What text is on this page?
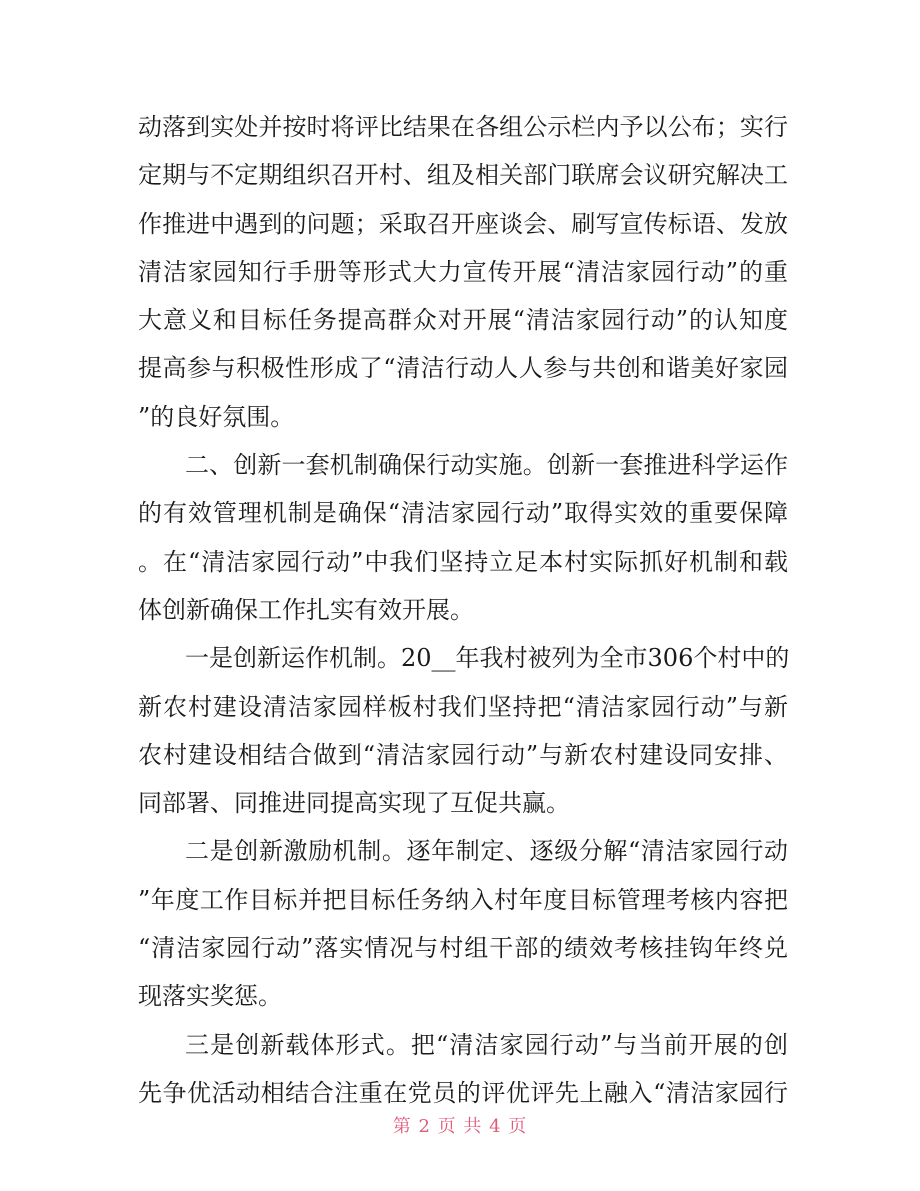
动落到实处并按时将评比结果在各组公示栏内予以公布；实行
定期与不定期组织召开村、组及相关部门联席会议研究解决工
作推进中遇到的问题；采取召开座谈会、刷写宣传标语、发放
清洁家园知行手册等形式大力宣传开展“清洁家园行动”的重
大意义和目标任务提高群众对开展“清洁家园行动”的认知度
提高参与积极性形成了“清洁行动人人参与共创和谐美好家园
”的良好氛围。
二、创新一套机制确保行动实施。创新一套推进科学运作
的有效管理机制是确保“清洁家园行动”取得实效的重要保障
。在“清洁家园行动”中我们坚持立足本村实际抓好机制和载
体创新确保工作扎实有效开展。
一是创新运作机制。20__年我村被列为全市306个村中的
新农村建设清洁家园样板村我们坚持把“清洁家园行动”与新
农村建设相结合做到“清洁家园行动”与新农村建设同安排、
同部署、同推进同提高实现了互促共赢。
二是创新激励机制。逐年制定、逐级分解“清洁家园行动
”年度工作目标并把目标任务纳入村年度目标管理考核内容把
“清洁家园行动”落实情况与村组干部的绩效考核挂钩年终兑
现落实奖惩。
三是创新载体形式。把“清洁家园行动”与当前开展的创
先争优活动相结合注重在党员的评优评先上融入“清洁家园行
第 2 页 共 4 页
